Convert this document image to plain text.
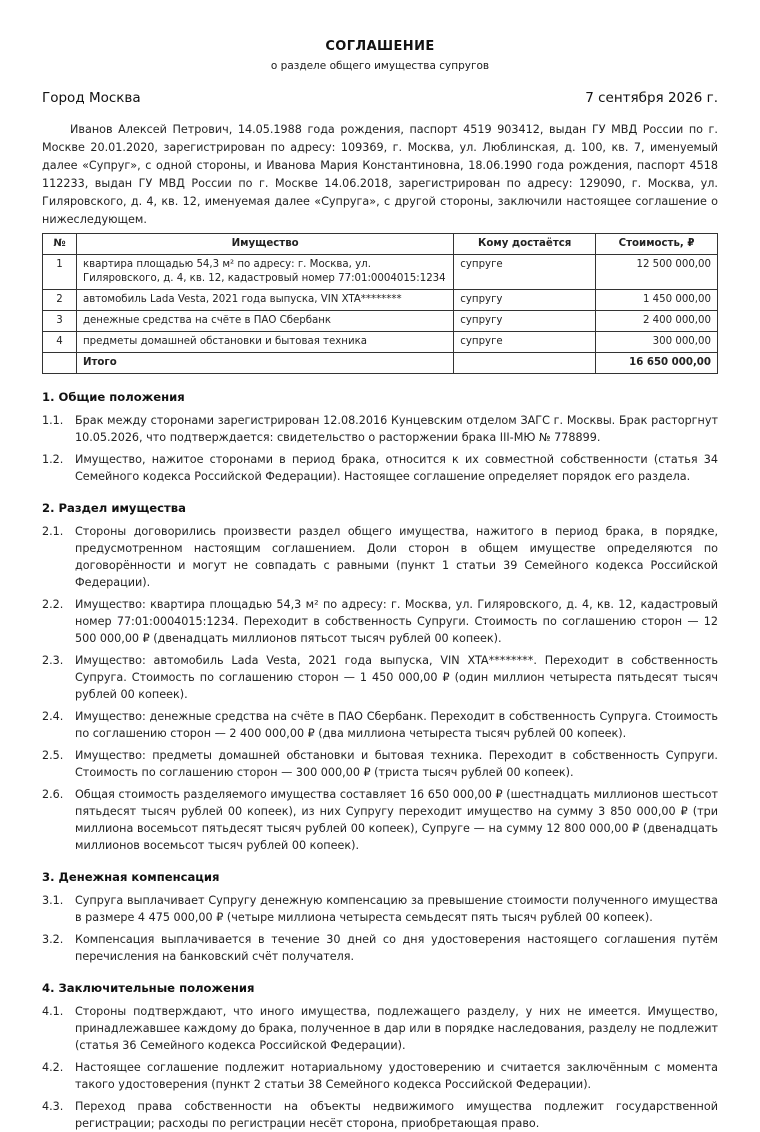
СОГЛАШЕНИЕ
о разделе общего имущества супругов
Город Москва	7 сентября 2026 г.
Иванов Алексей Петрович, 14.05.1988 года рождения, паспорт 4519 903412, выдан ГУ МВД России по г. Москве 20.01.2020, зарегистрирован по адресу: 109369, г. Москва, ул. Люблинская, д. 100, кв. 7, именуемый далее «Супруг», с одной стороны, и Иванова Мария Константиновна, 18.06.1990 года рождения, паспорт 4518 112233, выдан ГУ МВД России по г. Москве 14.06.2018, зарегистрирован по адресу: 129090, г. Москва, ул. Гиляровского, д. 4, кв. 12, именуемая далее «Супруга», с другой стороны, заключили настоящее соглашение о нижеследующем.
№	Имущество	Кому достаётся	Стоимость, ₽
1	квартира площадью 54,3 м² по адресу: г. Москва, ул. Гиляровского, д. 4, кв. 12, кадастровый номер 77:01:0004015:1234	супруге	12 500 000,00
2	автомобиль Lada Vesta, 2021 года выпуска, VIN XTA********	супругу	1 450 000,00
3	денежные средства на счёте в ПАО Сбербанк	супругу	2 400 000,00
4	предметы домашней обстановки и бытовая техника	супруге	300 000,00
	Итого		16 650 000,00
1. Общие положения
1.1.	Брак между сторонами зарегистрирован 12.08.2016 Кунцевским отделом ЗАГС г. Москвы. Брак расторгнут 10.05.2026, что подтверждается: свидетельство о расторжении брака III-МЮ № 778899.
1.2.	Имущество, нажитое сторонами в период брака, относится к их совместной собственности (статья 34 Семейного кодекса Российской Федерации). Настоящее соглашение определяет порядок его раздела.
2. Раздел имущества
2.1.	Стороны договорились произвести раздел общего имущества, нажитого в период брака, в порядке, предусмотренном настоящим соглашением. Доли сторон в общем имуществе определяются по договорённости и могут не совпадать с равными (пункт 1 статьи 39 Семейного кодекса Российской Федерации).
2.2.	Имущество: квартира площадью 54,3 м² по адресу: г. Москва, ул. Гиляровского, д. 4, кв. 12, кадастровый номер 77:01:0004015:1234. Переходит в собственность Супруги. Стоимость по соглашению сторон — 12 500 000,00 ₽ (двенадцать миллионов пятьсот тысяч рублей 00 копеек).
2.3.	Имущество: автомобиль Lada Vesta, 2021 года выпуска, VIN XTA********. Переходит в собственность Супруга. Стоимость по соглашению сторон — 1 450 000,00 ₽ (один миллион четыреста пятьдесят тысяч рублей 00 копеек).
2.4.	Имущество: денежные средства на счёте в ПАО Сбербанк. Переходит в собственность Супруга. Стоимость по соглашению сторон — 2 400 000,00 ₽ (два миллиона четыреста тысяч рублей 00 копеек).
2.5.	Имущество: предметы домашней обстановки и бытовая техника. Переходит в собственность Супруги. Стоимость по соглашению сторон — 300 000,00 ₽ (триста тысяч рублей 00 копеек).
2.6.	Общая стоимость разделяемого имущества составляет 16 650 000,00 ₽ (шестнадцать миллионов шестьсот пятьдесят тысяч рублей 00 копеек), из них Супругу переходит имущество на сумму 3 850 000,00 ₽ (три миллиона восемьсот пятьдесят тысяч рублей 00 копеек), Супруге — на сумму 12 800 000,00 ₽ (двенадцать миллионов восемьсот тысяч рублей 00 копеек).
3. Денежная компенсация
3.1.	Супруга выплачивает Супругу денежную компенсацию за превышение стоимости полученного имущества в размере 4 475 000,00 ₽ (четыре миллиона четыреста семьдесят пять тысяч рублей 00 копеек).
3.2.	Компенсация выплачивается в течение 30 дней со дня удостоверения настоящего соглашения путём перечисления на банковский счёт получателя.
4. Заключительные положения
4.1.	Стороны подтверждают, что иного имущества, подлежащего разделу, у них не имеется. Имущество, принадлежавшее каждому до брака, полученное в дар или в порядке наследования, разделу не подлежит (статья 36 Семейного кодекса Российской Федерации).
4.2.	Настоящее соглашение подлежит нотариальному удостоверению и считается заключённым с момента такого удостоверения (пункт 2 статьи 38 Семейного кодекса Российской Федерации).
4.3.	Переход права собственности на объекты недвижимого имущества подлежит государственной регистрации; расходы по регистрации несёт сторона, приобретающая право.
